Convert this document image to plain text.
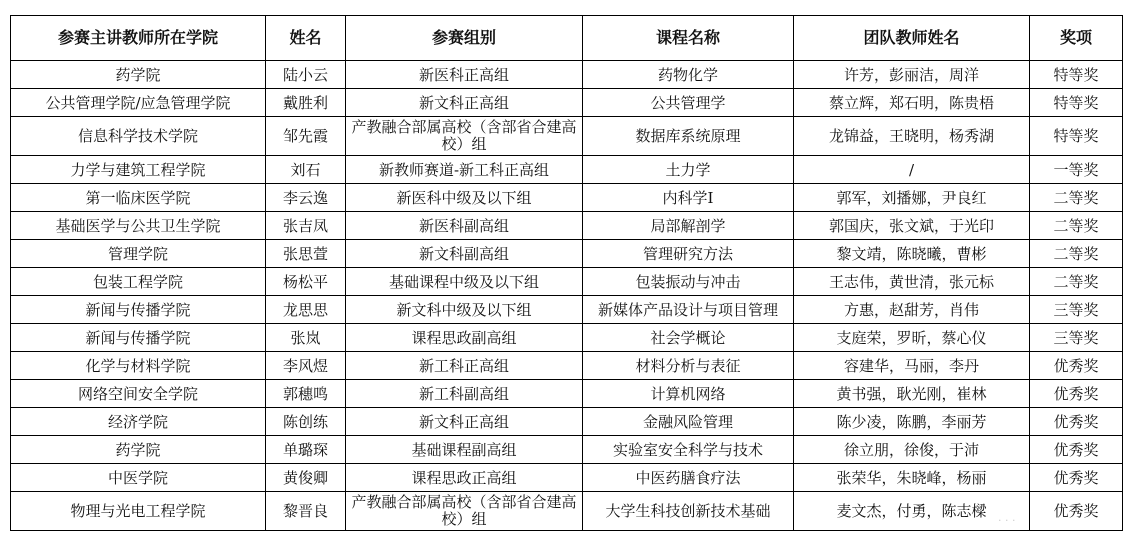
参赛主讲教师所在学院	姓名	参赛组别	课程名称	团队教师姓名	奖项
药学院	陆小云	新医科正高组	药物化学	许芳，彭丽洁，周洋	特等奖
公共管理学院/应急管理学院	戴胜利	新文科正高组	公共管理学	蔡立辉，郑石明，陈贵梧	特等奖
信息科学技术学院	邹先霞	产教融合部属高校（含部省合建高校）组	数据库系统原理	龙锦益，王晓明，杨秀湖	特等奖
力学与建筑工程学院	刘石	新教师赛道-新工科正高组	土力学	/	一等奖
第一临床医学院	李云逸	新医科中级及以下组	内科学I	郭军，刘播娜，尹良红	二等奖
基础医学与公共卫生学院	张吉凤	新医科副高组	局部解剖学	郭国庆，张文斌，于光印	二等奖
管理学院	张思萱	新文科副高组	管理研究方法	黎文靖，陈晓曦，曹彬	二等奖
包装工程学院	杨松平	基础课程中级及以下组	包装振动与冲击	王志伟，黄世清，张元标	二等奖
新闻与传播学院	龙思思	新文科中级及以下组	新媒体产品设计与项目管理	方惠，赵甜芳，肖伟	三等奖
新闻与传播学院	张岚	课程思政副高组	社会学概论	支庭荣，罗昕，蔡心仪	三等奖
化学与材料学院	李风煜	新工科正高组	材料分析与表征	容建华，马丽，李丹	优秀奖
网络空间安全学院	郭穗鸣	新工科副高组	计算机网络	黄书强，耿光刚，崔林	优秀奖
经济学院	陈创练	新文科正高组	金融风险管理	陈少凌，陈鹏，李丽芳	优秀奖
药学院	单璐琛	基础课程副高组	实验室安全科学与技术	徐立朋，徐俊，于沛	优秀奖
中医学院	黄俊卿	课程思政正高组	中医药膳食疗法	张荣华，朱晓峰，杨丽	优秀奖
物理与光电工程学院	黎晋良	产教融合部属高校（含部省合建高校）组	大学生科技创新技术基础	麦文杰，付勇，陈志樑	优秀奖
· · ·
